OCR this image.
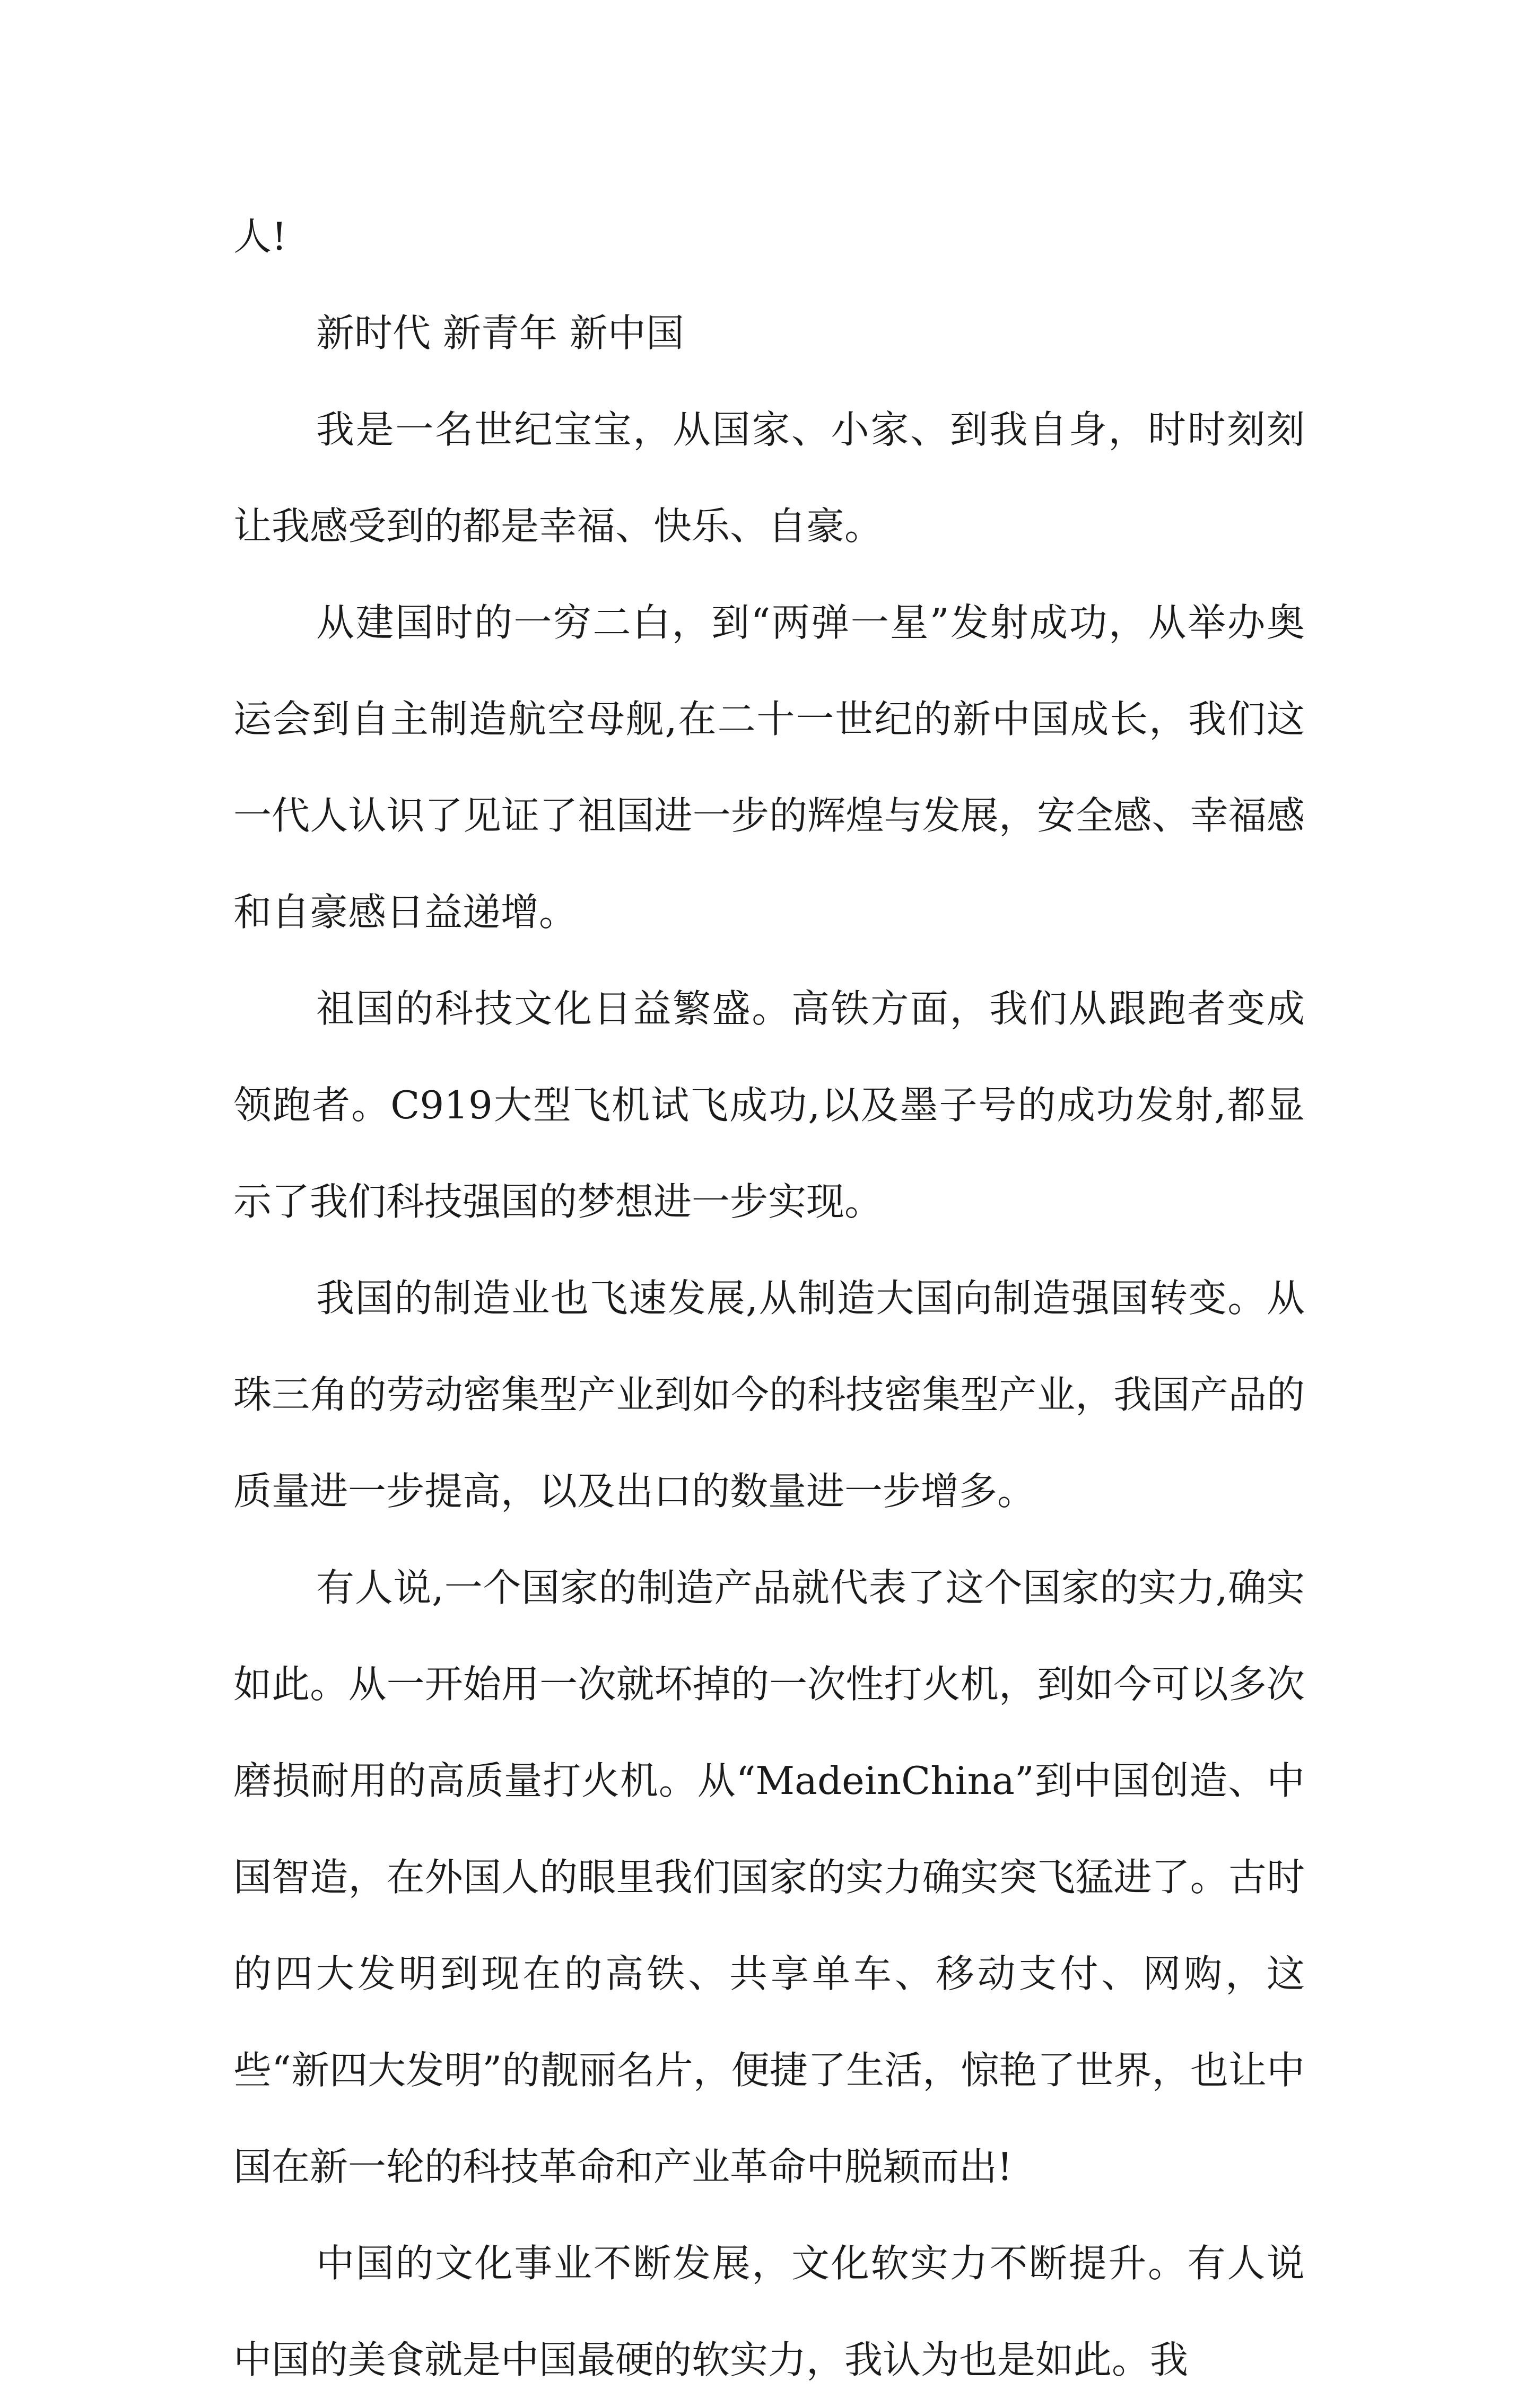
人!

新时代 新青年 新中国

我是一名世纪宝宝，从国家、小家、到我自身，时时刻刻让我感受到的都是幸福、快乐、自豪。

从建国时的一穷二白，到“两弹一星”发射成功，从举办奥运会到自主制造航空母舰,在二十一世纪的新中国成长，我们这一代人认识了见证了祖国进一步的辉煌与发展，安全感、幸福感和自豪感日益递增。

祖国的科技文化日益繁盛。高铁方面，我们从跟跑者变成领跑者。C919大型飞机试飞成功,以及墨子号的成功发射,都显示了我们科技强国的梦想进一步实现。

我国的制造业也飞速发展,从制造大国向制造强国转变。从珠三角的劳动密集型产业到如今的科技密集型产业，我国产品的质量进一步提高，以及出口的数量进一步增多。

有人说,一个国家的制造产品就代表了这个国家的实力,确实如此。从一开始用一次就坏掉的一次性打火机，到如今可以多次磨损耐用的高质量打火机。从“MadeinChina”到中国创造、中国智造，在外国人的眼里我们国家的实力确实突飞猛进了。古时的四大发明到现在的高铁、共享单车、移动支付、网购，这些“新四大发明”的靓丽名片，便捷了生活，惊艳了世界，也让中国在新一轮的科技革命和产业革命中脱颖而出!

中国的文化事业不断发展，文化软实力不断提升。有人说中国的美食就是中国最硬的软实力，我认为也是如此。我
